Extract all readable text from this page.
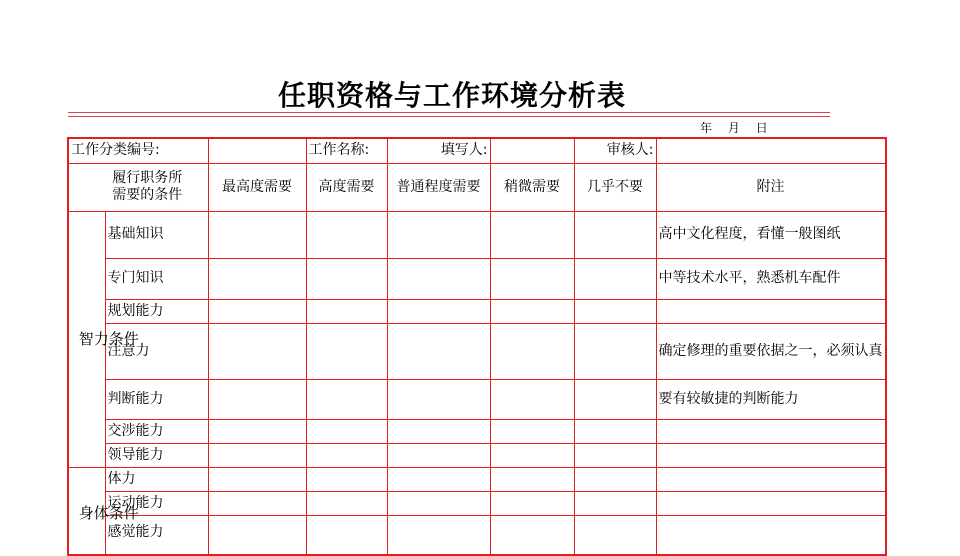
任职资格与工作环境分析表
年 月 日
工作分类编号:			工作名称:	填写人:		审核人:	
履行职务所需要的条件		最高度需要	高度需要	普通程度需要	稍微需要	几乎不要	附注
智力条件	基础知识						高中文化程度，看懂一般图纸
	专门知识						中等技术水平，熟悉机车配件
	规划能力						
	注意力						确定修理的重要依据之一，必须认真
	判断能力						要有较敏捷的判断能力
	交涉能力						
	领导能力						
身体条件	体力						
	运动能力						
	感觉能力						
